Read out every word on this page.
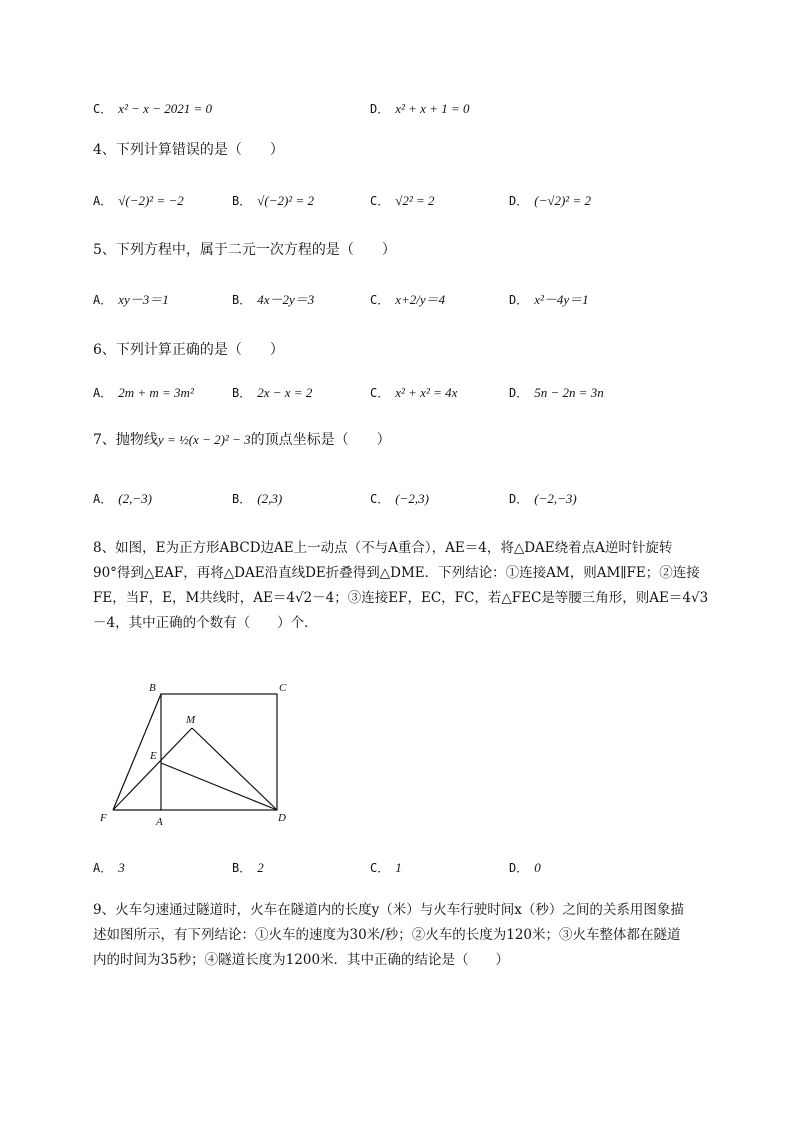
C． x² − x − 2021 = 0	D． x² + x + 1 = 0
4、下列计算错误的是（　　）
A． √(−2)² = −2	B． √(−2)² = 2	C． √2² = 2	D． (−√2)² = 2
5、下列方程中，属于二元一次方程的是（　　）
A． xy－3＝1	B． 4x－2y＝3	C． x+2/y＝4	D． x²－4y＝1
6、下列计算正确的是（　　）
A． 2m + m = 3m²	B． 2x − x = 2	C． x² + x² = 4x	D． 5n − 2n = 3n
7、抛物线y = ½(x − 2)² − 3的顶点坐标是（　　）
A． (2,−3)	B． (2,3)	C． (−2,3)	D． (−2,−3)
8、如图，E为正方形ABCD边AE上一动点（不与A重合），AE＝4，将△DAE绕着点A逆时针旋转
90°得到△EAF，再将△DAE沿直线DE折叠得到△DME．下列结论：①连接AM，则AM∥FE；②连接
FE，当F，E，M共线时，AE＝4√2－4；③连接EF，EC，FC，若△FEC是等腰三角形，则AE＝4√3
－4，其中正确的个数有（　　）个．
B	C
M
E
F	A	D
A． 3	B． 2	C． 1	D． 0
9、火车匀速通过隧道时，火车在隧道内的长度y（米）与火车行驶时间x（秒）之间的关系用图象描
述如图所示，有下列结论：①火车的速度为30米/秒；②火车的长度为120米；③火车整体都在隧道
内的时间为35秒；④隧道长度为1200米．其中正确的结论是（　　）
